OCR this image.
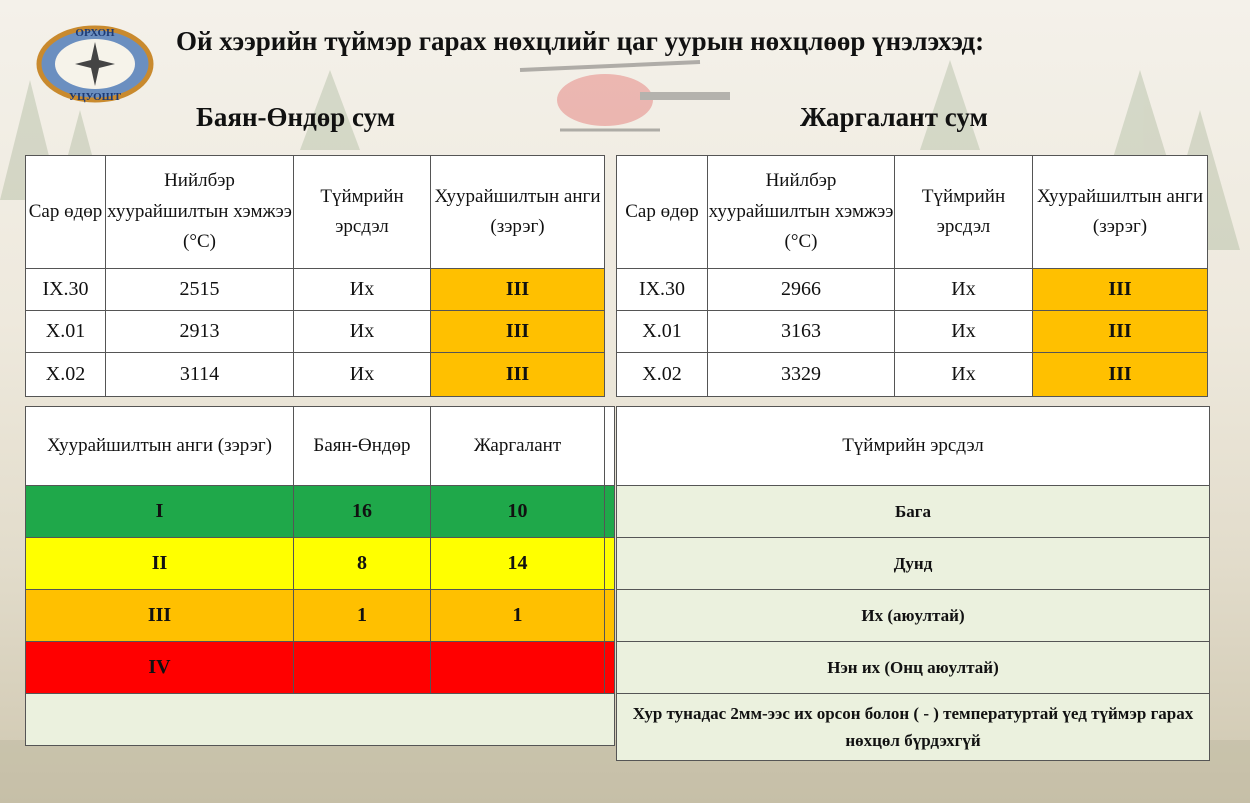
ОРХОН
УЦУОШТ
Ой хээрийн түймэр гарах нөхцлийг цаг уурын нөхцлөөр үнэлэхэд:
Баян-Өндөр сум	Жаргалант сум
Сар өдөр	Нийлбэр хуурайшилтын хэмжээ (°C)	Түймрийн эрсдэл	Хуурайшилтын анги (зэрэг)
IX.30	2515	Их	III
X.01	2913	Их	III
X.02	3114	Их	III
Сар өдөр	Нийлбэр хуурайшилтын хэмжээ (°C)	Түймрийн эрсдэл	Хуурайшилтын анги (зэрэг)
IX.30	2966	Их	III
X.01	3163	Их	III
X.02	3329	Их	III
Хуурайшилтын анги (зэрэг)	Баян-Өндөр	Жаргалант	
I	16	10	
II	8	14	
III	1	1	
IV			

Түймрийн эрсдэл
Бага
Дунд
Их (аюултай)
Нэн их (Онц аюултай)
Хур тунадас 2мм-ээс их орсон болон ( - ) температуртай үед түймэр гарах нөхцөл бүрдэхгүй
